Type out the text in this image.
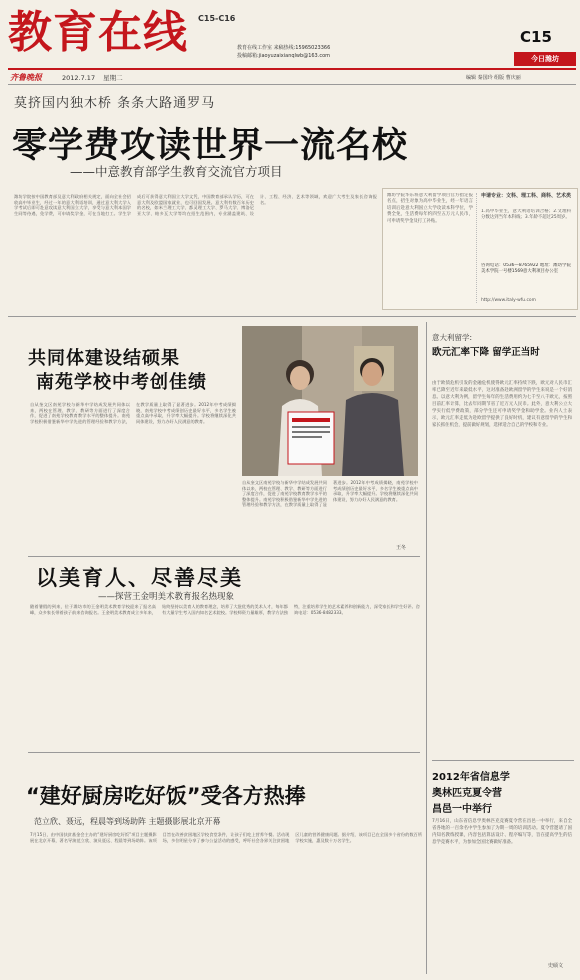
教育在线	C15-C16
教育在线工作室 来稿热线:15965023366
投稿邮箱:jiaoyuzaixianqlwb@163.com
C15
今日潍坊
齐鲁晚报	2012.7.17 星期二	编辑 秦国玲 组版 曹庆丽
莫挤国内独木桥 条条大路通罗马
零学费攻读世界一流名校
——中意教育部学生教育交流官方项目
潍坊学院按中国教育部及意大利政府相关规定，面向全社会招收高中毕业生，经过一年的意大利语培训，通过意大利大学入学考试后即可赴意攻读意大利国立大学，享受与意大利本国学生同等待遇，免学费，可申请奖学金，可在当地打工。学生学成后可获得意大利国立大学文凭，中国教育部承认学历，可在意大利及欧盟国家就业，也可回国发展。意大利有数百年历史的名校，如米兰理工大学、都灵理工大学、罗马大学、博洛尼亚大学、帕多瓦大学等均在招生范围内，专业涵盖建筑、设计、工程、经济、艺术等领域，欢迎广大考生及家长咨询报名。
潍坊学院华东班意大利留学项目官方指定报名点，招生对象为高中毕业生，经一年语言培训后赴意大利国立大学攻读本科学位，学费全免，生活费每年约四至五万元人民币，可申请奖学金及打工补贴。
申请专业：文科、理工科、商科、艺术类
1.高中毕业生，意大利语培训合格；2.文理科分数达到当年本科线；3.年龄不超过25周岁。
咨询电话：0536—8765922 地址：潍坊学院美术学院一号楼1569意大利项目办公室
http://www.italy-wfu.com
共同体建设结硕果
南苑学校中考创佳绩
自从奎文区南苑学校与新华中学结成发展共同体以来，两校在管理、教学、教研等方面进行了深度合作，促进了南苑学校教育教学水平的整体提升。南苑学校积极借鉴新华中学先进的管理经验和教学方法，在教学质量上取得了显著进步。2012年中考成绩揭晓，南苑学校中考成绩创历史最好水平，多名学生被重点高中录取，升学率大幅提升。学校将继续深化共同体建设，努力办好人民满意的教育。
自从奎文区南苑学校与新华中学结成发展共同体以来，两校在管理、教学、教研等方面进行了深度合作，促进了南苑学校教育教学水平的整体提升。南苑学校积极借鉴新华中学先进的管理经验和教学方法，在教学质量上取得了显著进步。2012年中考成绩揭晓，南苑学校中考成绩创历史最好水平，多名学生被重点高中录取，升学率大幅提升。学校将继续深化共同体建设，努力办好人民满意的教育。
王冬
以美育人、尽善尽美
——探营王金明美术教育报名热现象
随着暑假的到来，位于潍坊市的王金明美术教育学校迎来了报名高峰，众多家长带着孩子前来咨询报名。王金明美术教育成立多年来，始终坚持以美育人的教育理念，培养了大批优秀的美术人才，每年都有大量学生考入国内知名艺术院校。学校师资力量雄厚，教学方法独特，注重培养学生的艺术素养和创新能力，深受家长和学生好评。咨询电话：0536-8482333。
“建好厨房吃好饭”受各方热捧
范立欣、聂远，程晨等到场助阵 主题摄影展北京开幕
7月15日，由中国扶贫基金会主办的“建好厨房吃好饭”项目主题摄影展在北京开幕，著名导演范立欣、演员聂远、程晨等到场助阵。该项目旨在改善贫困地区学校食堂条件，让孩子们吃上营养午餐。活动现场，多位明星分享了参与公益活动的感受，呼吁社会各界关注贫困地区儿童的营养健康问题。据介绍，该项目已在全国多个省份的数百所学校实施，惠及数十万名学生。
意大利留学:
欧元汇率下降 留学正当时
由于欧债危机引发的金融危机使得欧元汇率持续下跌，欧元对人民币汇率已降至近年来最低水平，这对准备赴欧洲留学的学生来说是一个好消息。以意大利为例，留学生每年的生活费用约为七千至八千欧元，按照目前汇率计算，比去年同期节省了近万元人民币。此外，意大利公立大学实行低学费政策，部分学生还可申请奖学金和助学金。业内人士表示，欧元汇率走低为赴欧留学提供了良好时机，建议有意留学的学生和家长抓住机会，提前做好规划，选择适合自己的学校和专业。
2012年省信息学
奥林匹克夏令营
昌邑一中举行
7月16日，山东省信息学奥林匹克竞赛夏令营在昌邑一中举行，来自全省各地的一百余名中学生参加了为期一周的培训活动。夏令营邀请了国内知名教练授课，内容包括算法设计、程序编写等，旨在提高学生的信息学竞赛水平，为参加全国比赛做好准备。
史硕文
